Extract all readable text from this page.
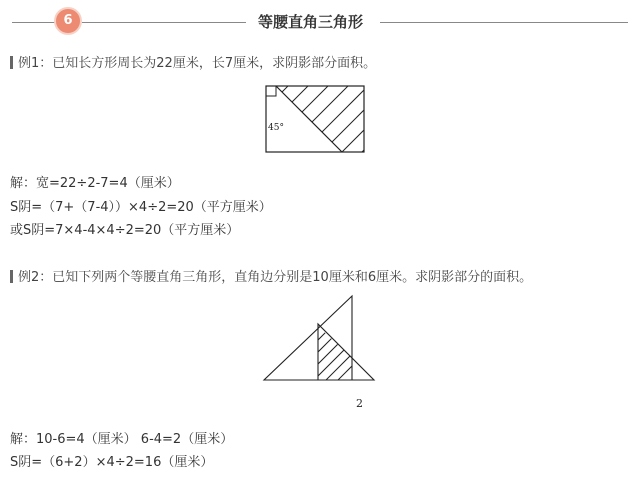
6	等腰直角三角形
例1：已知长方形周长为22厘米，长7厘米，求阴影部分面积。
45°
解：宽=22÷2-7=4（厘米）
S阴=（7+（7-4））×4÷2=20（平方厘米）
或S阴=7×4-4×4÷2=20（平方厘米）
例2：已知下列两个等腰直角三角形，直角边分别是10厘米和6厘米。求阴影部分的面积。
2
解：10-6=4（厘米） 6-4=2（厘米）
S阴=（6+2）×4÷2=16（厘米）
